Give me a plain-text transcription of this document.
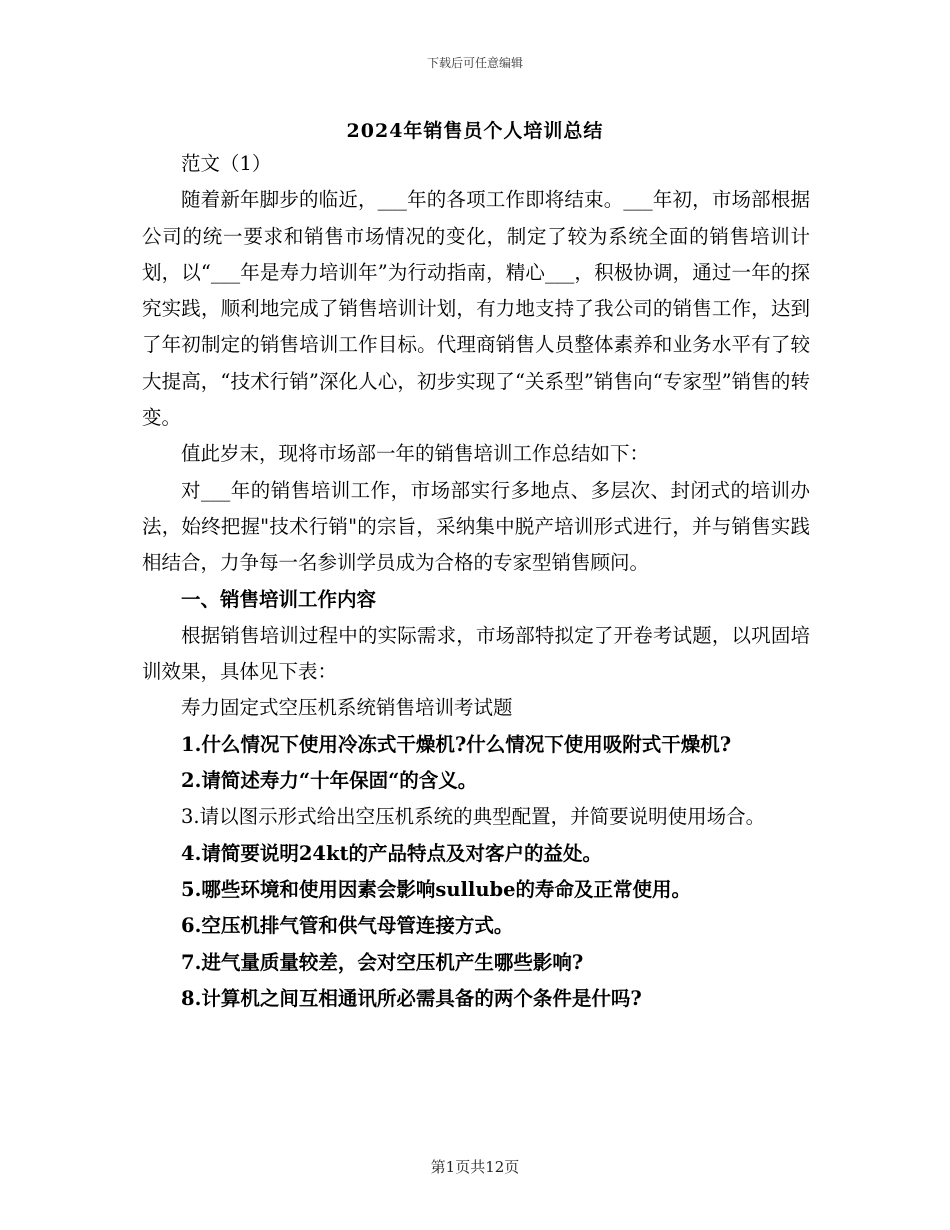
下载后可任意编辑
2024年销售员个人培训总结

范文（1）

随着新年脚步的临近，___年的各项工作即将结束。___年初，市场部根据公司的统一要求和销售市场情况的变化，制定了较为系统全面的销售培训计划，以“___年是寿力培训年”为行动指南，精心___，积极协调，通过一年的探究实践，顺利地完成了销售培训计划，有力地支持了我公司的销售工作，达到了年初制定的销售培训工作目标。代理商销售人员整体素养和业务水平有了较大提高，“技术行销”深化人心，初步实现了“关系型”销售向“专家型”销售的转变。

值此岁末，现将市场部一年的销售培训工作总结如下：

对___年的销售培训工作，市场部实行多地点、多层次、封闭式的培训办法，始终把握"技术行销"的宗旨，采纳集中脱产培训形式进行，并与销售实践相结合，力争每一名参训学员成为合格的专家型销售顾问。

一、销售培训工作内容

根据销售培训过程中的实际需求，市场部特拟定了开卷考试题，以巩固培训效果，具体见下表：

寿力固定式空压机系统销售培训考试题

1.什么情况下使用冷冻式干燥机?什么情况下使用吸附式干燥机?

2.请简述寿力“十年保固“的含义。

3.请以图示形式给出空压机系统的典型配置，并简要说明使用场合。

4.请简要说明24kt的产品特点及对客户的益处。

5.哪些环境和使用因素会影响sullube的寿命及正常使用。

6.空压机排气管和供气母管连接方式。

7.进气量质量较差，会对空压机产生哪些影响?

8.计算机之间互相通讯所必需具备的两个条件是什吗?

第1页共12页
